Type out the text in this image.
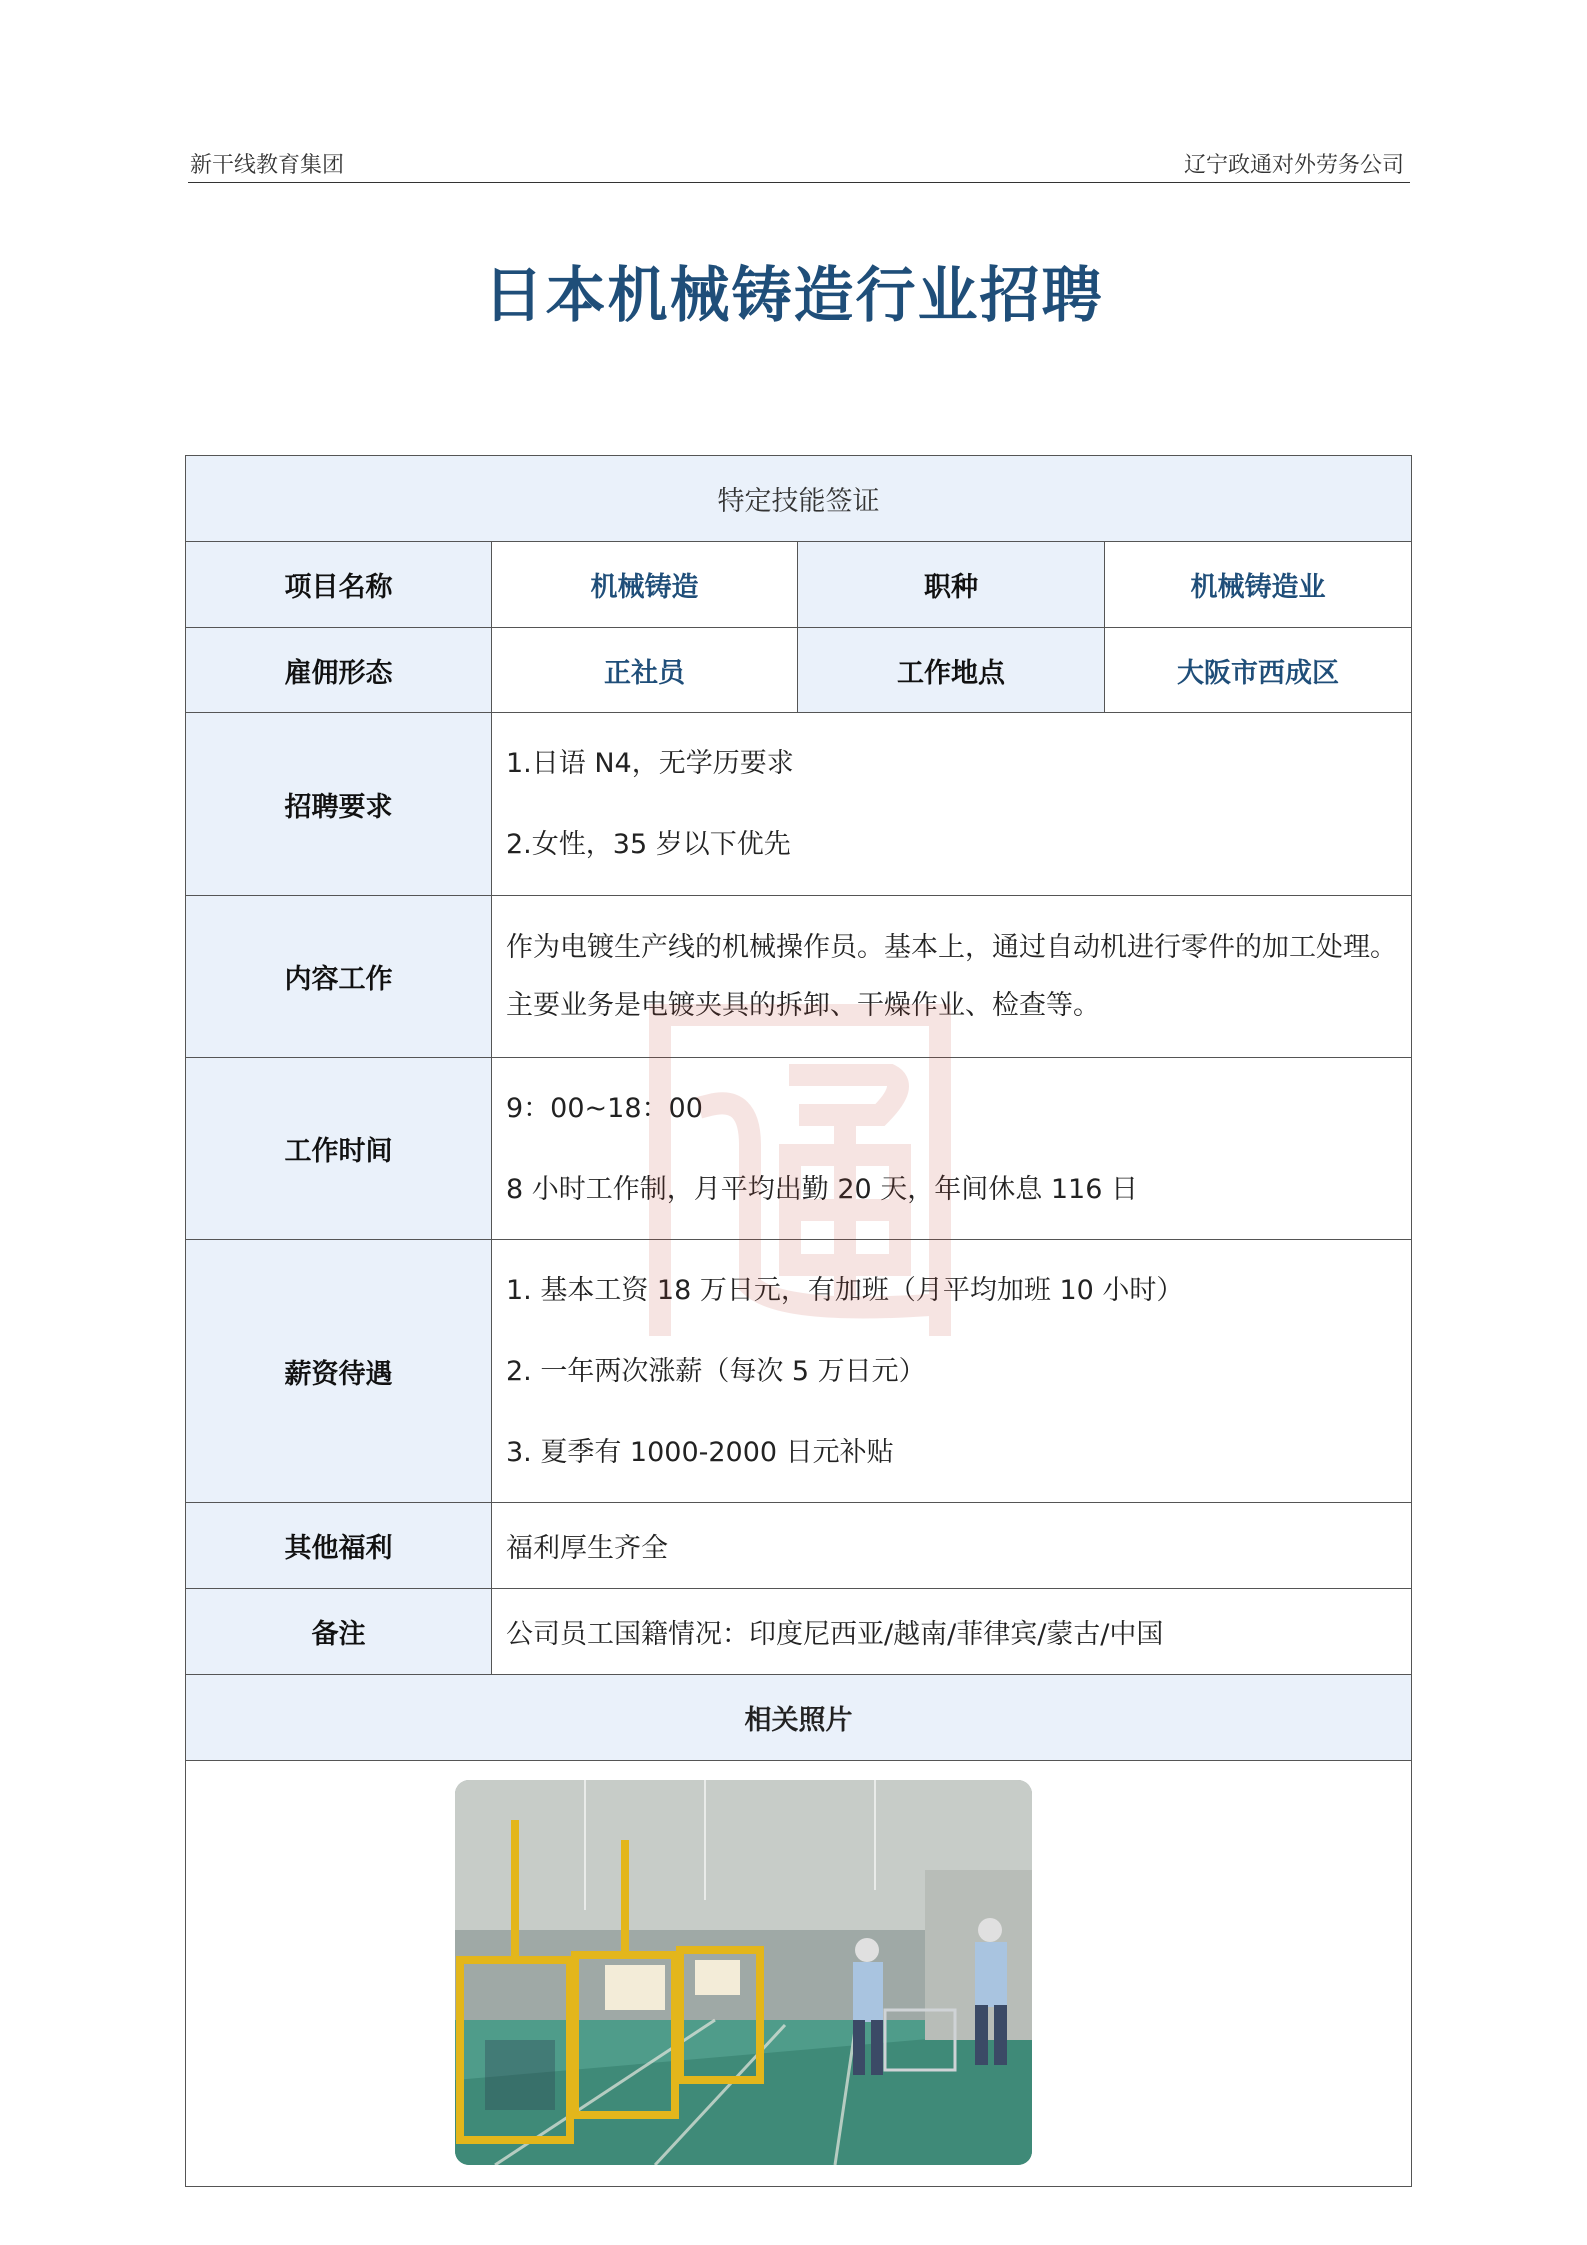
新干线教育集团	辽宁政通对外劳务公司
日本机械铸造行业招聘
特定技能签证			
项目名称	机械铸造	职种	机械铸造业
雇佣形态	正社员	工作地点	大阪市西成区
招聘要求	1.日语 N4，无学历要求
2.女性，35 岁以下优先		

内容工作	作为电镀生产线的机械操作员。基本上，通过自动机进行零件的加工处理。
主要业务是电镀夹具的拆卸、干燥作业、检查等。		

工作时间	9：00~18：00
8 小时工作制，月平均出勤 20 天，年间休息 116 日		

薪资待遇	1. 基本工资 18 万日元，有加班（月平均加班 10 小时）
2. 一年两次涨薪（每次 5 万日元）
3. 夏季有 1000-2000 日元补贴		

其他福利	福利厚生齐全		
备注	公司员工国籍情况：印度尼西亚/越南/菲律宾/蒙古/中国		
相关照片			
